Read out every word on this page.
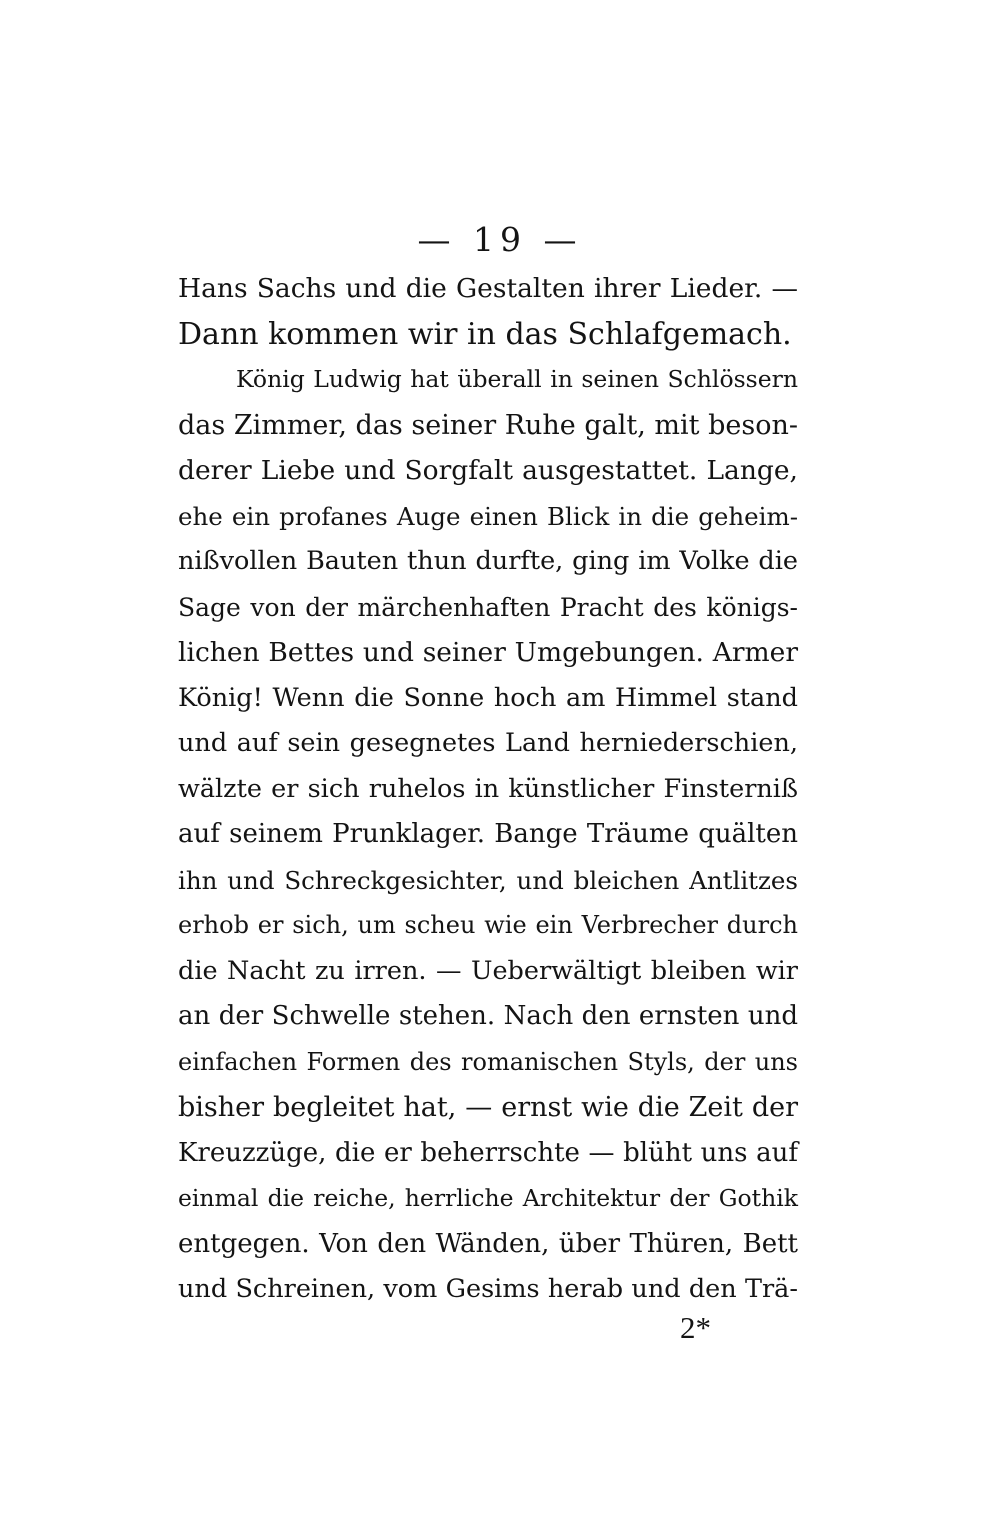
— 19 —
Hans Sachs und die Gestalten ihrer Lieder. —
Dann kommen wir in das Schlafgemach.
König Ludwig hat überall in seinen Schlössern
das Zimmer, das seiner Ruhe galt, mit beson-
derer Liebe und Sorgfalt ausgestattet. Lange,
ehe ein profanes Auge einen Blick in die geheim-
nißvollen Bauten thun durfte, ging im Volke die
Sage von der märchenhaften Pracht des königs-
lichen Bettes und seiner Umgebungen. Armer
König! Wenn die Sonne hoch am Himmel stand
und auf sein gesegnetes Land herniederschien,
wälzte er sich ruhelos in künstlicher Finsterniß
auf seinem Prunklager. Bange Träume quälten
ihn und Schreckgesichter, und bleichen Antlitzes
erhob er sich, um scheu wie ein Verbrecher durch
die Nacht zu irren. — Ueberwältigt bleiben wir
an der Schwelle stehen. Nach den ernsten und
einfachen Formen des romanischen Styls, der uns
bisher begleitet hat, — ernst wie die Zeit der
Kreuzzüge, die er beherrschte — blüht uns auf
einmal die reiche, herrliche Architektur der Gothik
entgegen. Von den Wänden, über Thüren, Bett
und Schreinen, vom Gesims herab und den Trä-
2*
